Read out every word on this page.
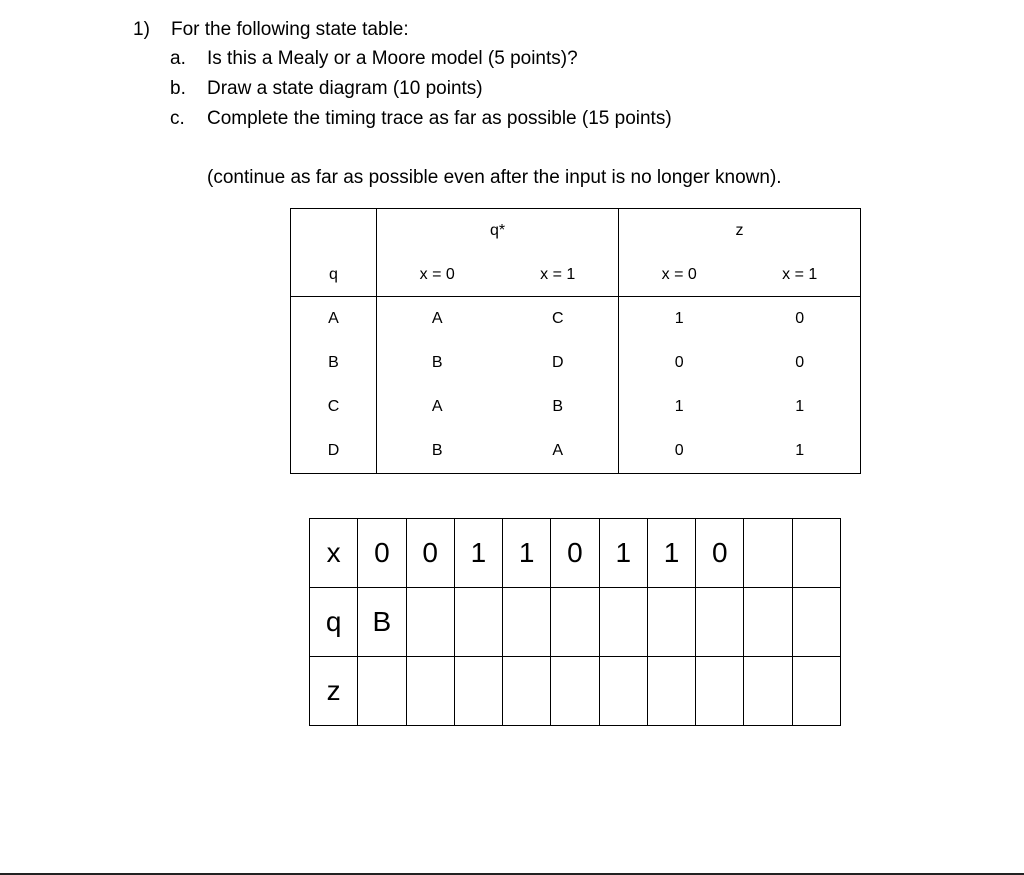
1) For the following state table:
a. Is this a Mealy or a Moore model (5 points)?
b. Draw a state diagram (10 points)
c. Complete the timing trace as far as possible (15 points)
(continue as far as possible even after the input is no longer known).
	q*		z	
q	x = 0	x = 1	x = 0	x = 1
A	A	C	1	0
B	B	D	0	0
C	A	B	1	1
D	B	A	0	1
x	0	0	1	1	0	1	1	0		
q	B									
z										
